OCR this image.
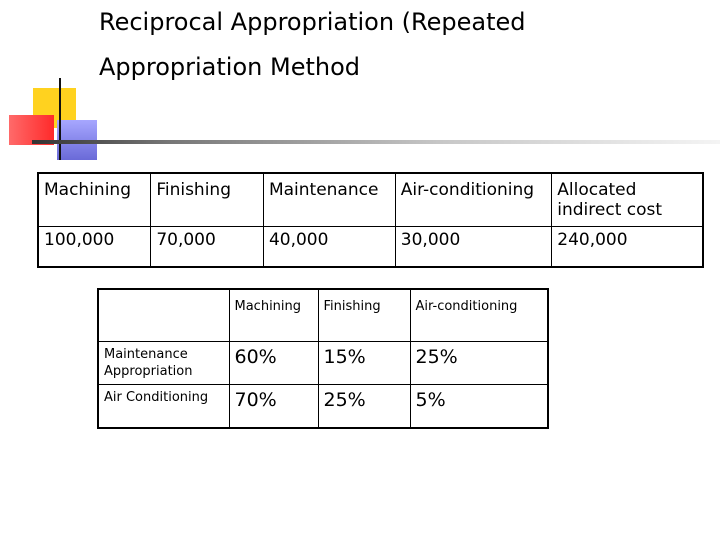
Reciprocal Appropriation (Repeated
Appropriation Method
Machining	Finishing	Maintenance	Air-conditioning	Allocated indirect cost
100,000	70,000	40,000	30,000	240,000
	Machining	Finishing	Air-conditioning
Maintenance Appropriation	60%	15%	25%
Air Conditioning	70%	25%	5%
